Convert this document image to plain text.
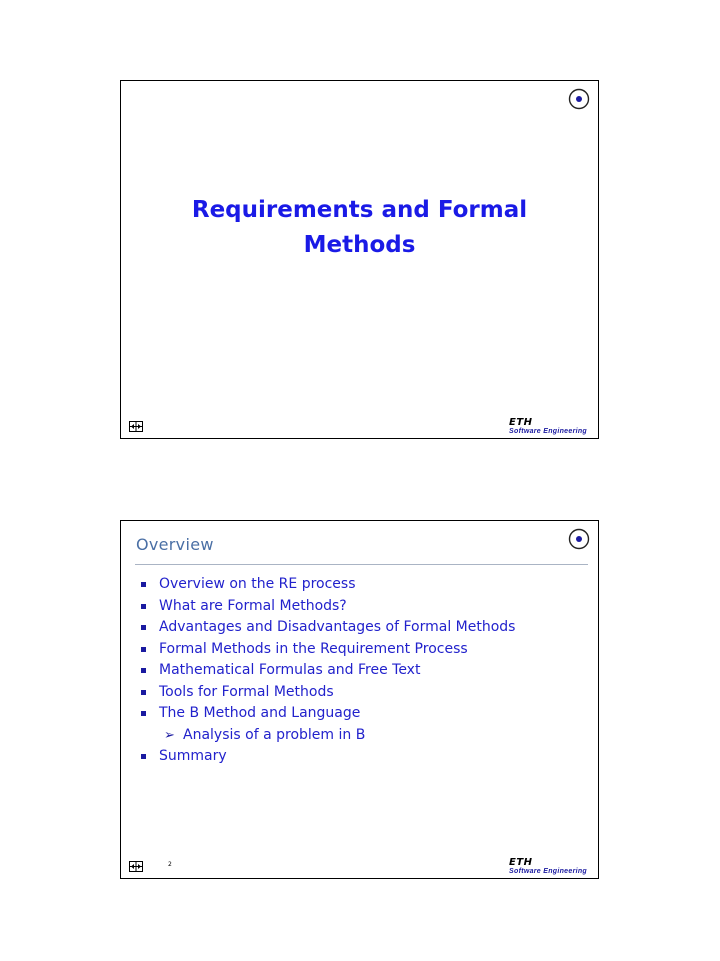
Requirements and Formal
Methods
ETH
Software Engineering
Overview
Overview on the RE process
What are Formal Methods?
Advantages and Disadvantages of Formal Methods
Formal Methods in the Requirement Process
Mathematical Formulas and Free Text
Tools for Formal Methods
The B Method and Language
➢ Analysis of a problem in B
Summary
2	ETH
Software Engineering
